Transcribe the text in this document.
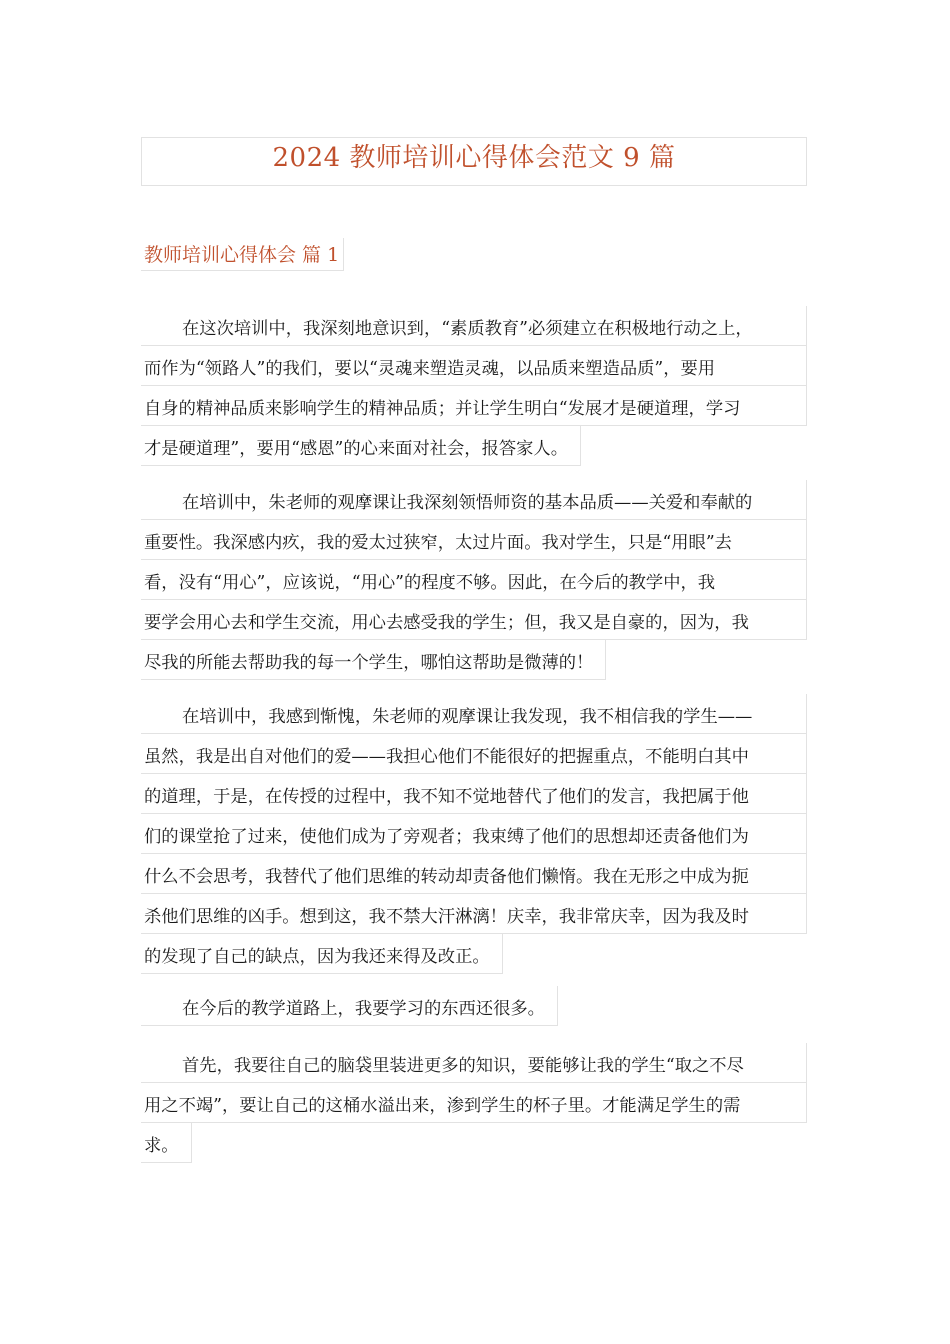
2024 教师培训心得体会范文 9 篇
教师培训心得体会 篇 1
在这次培训中，我深刻地意识到，“素质教育”必须建立在积极地行动之上，
而作为“领路人”的我们，要以“灵魂来塑造灵魂，以品质来塑造品质”，要用
自身的精神品质来影响学生的精神品质；并让学生明白“发展才是硬道理，学习
才是硬道理”，要用“感恩”的心来面对社会，报答家人。
在培训中，朱老师的观摩课让我深刻领悟师资的基本品质——关爱和奉献的
重要性。我深感内疚，我的爱太过狭窄，太过片面。我对学生，只是“用眼”去
看，没有“用心”，应该说，“用心”的程度不够。因此，在今后的教学中，我
要学会用心去和学生交流，用心去感受我的学生；但，我又是自豪的，因为，我
尽我的所能去帮助我的每一个学生，哪怕这帮助是微薄的！
在培训中，我感到惭愧，朱老师的观摩课让我发现，我不相信我的学生——
虽然，我是出自对他们的爱——我担心他们不能很好的把握重点，不能明白其中
的道理，于是，在传授的过程中，我不知不觉地替代了他们的发言，我把属于他
们的课堂抢了过来，使他们成为了旁观者；我束缚了他们的思想却还责备他们为
什么不会思考，我替代了他们思维的转动却责备他们懒惰。我在无形之中成为扼
杀他们思维的凶手。想到这，我不禁大汗淋漓！庆幸，我非常庆幸，因为我及时
的发现了自己的缺点，因为我还来得及改正。
在今后的教学道路上，我要学习的东西还很多。
首先，我要往自己的脑袋里装进更多的知识，要能够让我的学生“取之不尽
用之不竭”，要让自己的这桶水溢出来，渗到学生的杯子里。才能满足学生的需
求。
